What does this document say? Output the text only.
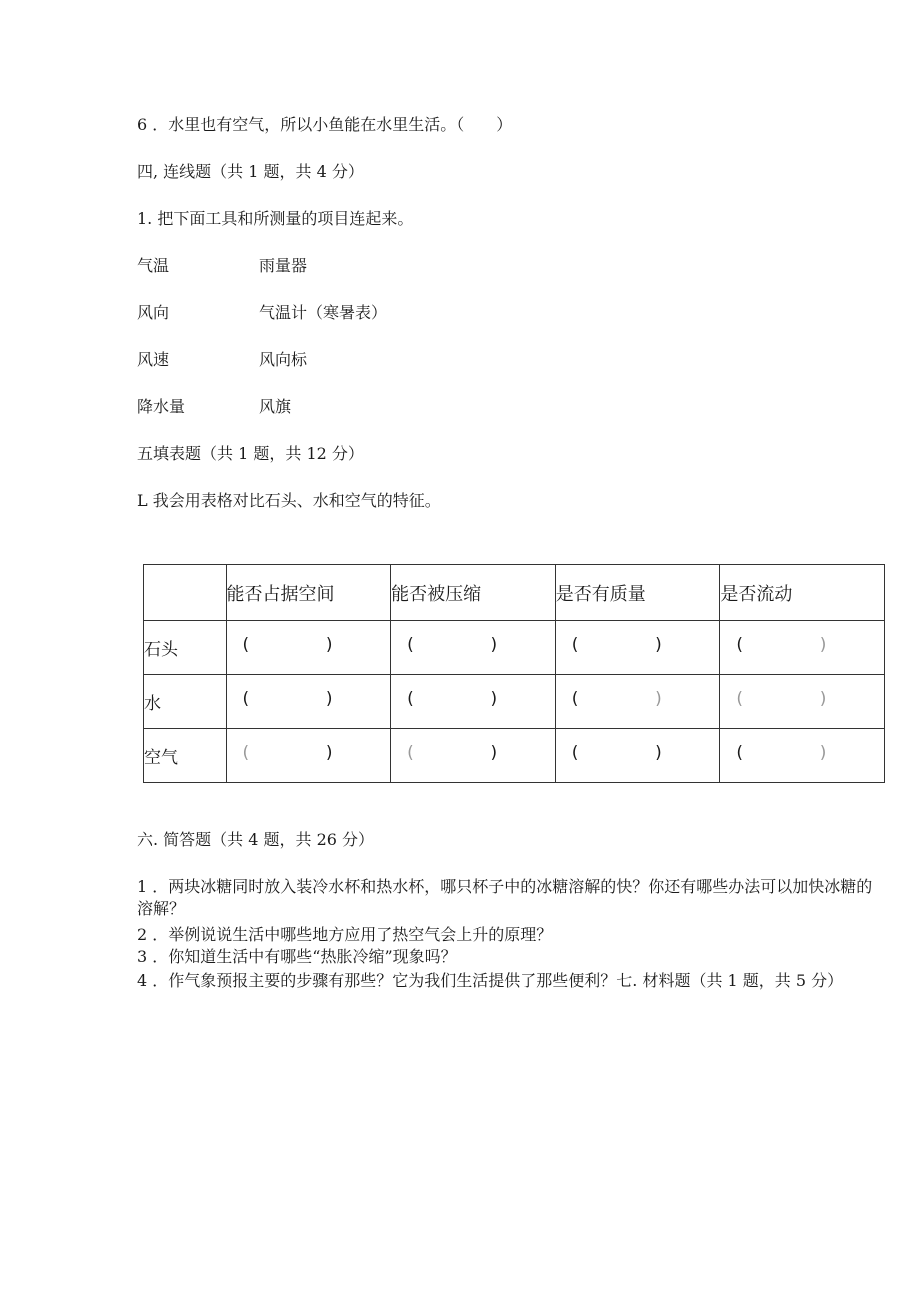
6 ．水里也有空气，所以小鱼能在水里生活。（　　）
四, 连线题（共 1 题，共 4 分）
1. 把下面工具和所测量的项目连起来。
气温	雨量器
风向	气温计（寒暑表）
风速	风向标
降水量	风旗
五填表题（共 1 题，共 12 分）
L 我会用表格对比石头、水和空气的特征。
	能否占据空间	能否被压缩	是否有质量	是否流动
石头	( )	( )	( )	( )

水	( )	( )	( )	( )

空气	( )	( )	( )	( )
六. 简答题（共 4 题，共 26 分）
1 ．两块冰糖同时放入装冷水杯和热水杯，哪只杯子中的冰糖溶解的快？你还有哪些办法可以加快冰糖的溶解？
2 ．举例说说生活中哪些地方应用了热空气会上升的原理？
3 ．你知道生活中有哪些“热胀冷缩”现象吗？
4 ．作气象预报主要的步骤有那些？它为我们生活提供了那些便利？七. 材料题（共 1 题，共 5 分）
